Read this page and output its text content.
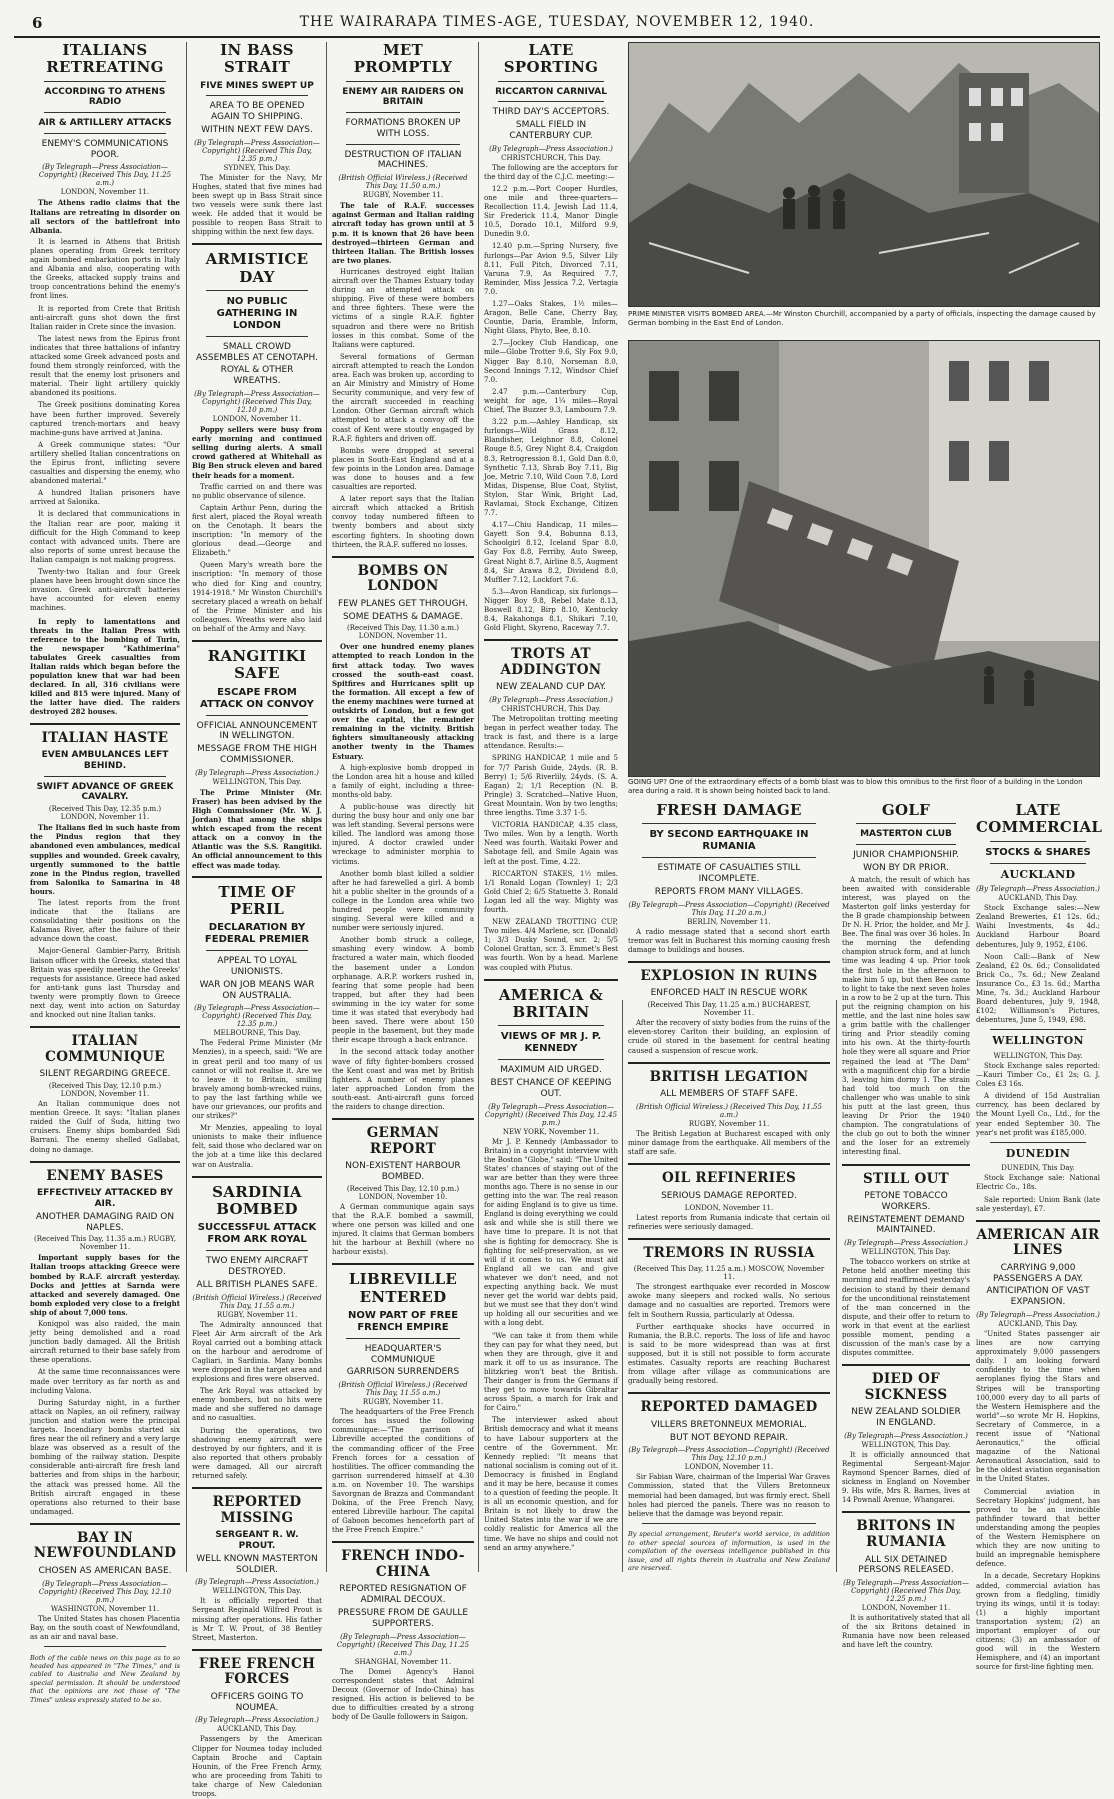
6	THE WAIRARAPA TIMES-AGE, TUESDAY, NOVEMBER 12, 1940.
ITALIANS RETREATING
ACCORDING TO ATHENS RADIO
AIR & ARTILLERY ATTACKS
ENEMY'S COMMUNICATIONS POOR.
(By Telegraph—Press Association—Copyright) (Received This Day, 11.25 a.m.)
LONDON, November 11.

The Athens radio claims that the Italians are retreating in disorder on all sectors of the battlefront into Albania.

It is learned in Athens that British planes operating from Greek territory again bombed embarkation ports in Italy and Albania and also, cooperating with the Greeks, attacked supply trains and troop concentrations behind the enemy's front lines.

It is reported from Crete that British anti-aircraft guns shot down the first Italian raider in Crete since the invasion.

The latest news from the Epirus front indicates that three battalions of infantry attacked some Greek advanced posts and found them strongly reinforced, with the result that the enemy lost prisoners and material. Their light artillery quickly abandoned its positions.

The Greek positions dominating Korea have been further improved. Severely captured trench-mortars and heavy machine-guns have arrived at Janina.

A Greek communique states: "Our artillery shelled Italian concentrations on the Epirus front, inflicting severe casualties and dispersing the enemy, who abandoned material."

A hundred Italian prisoners have arrived at Salonika.

It is declared that communications in the Italian rear are poor, making it difficult for the High Command to keep contact with advanced units. There are also reports of some unrest because the Italian campaign is not making progress.

Twenty-two Italian and four Greek planes have been brought down since the invasion. Greek anti-aircraft batteries have accounted for eleven enemy machines.

In reply to lamentations and threats in the Italian Press with reference to the bombing of Turin, the newspaper "Kathimerina" tabulates Greek casualties from Italian raids which began before the population knew that war had been declared. In all, 316 civilians were killed and 815 were injured. Many of the latter have died. The raiders destroyed 282 houses.

ITALIAN HASTE
EVEN AMBULANCES LEFT BEHIND.
SWIFT ADVANCE OF GREEK CAVALRY.
(Received This Day, 12.35 p.m.) LONDON, November 11.

The Italians fled in such haste from the Pindus region that they abandoned even ambulances, medical supplies and wounded. Greek cavalry, urgently summoned to the battle zone in the Pindus region, travelled from Salonika to Samarina in 48 hours.

The latest reports from the front indicate that the Italians are consolidating their positions on the Kalamas River, after the failure of their advance down the coast.

Major-General Gambier-Parry, British liaison officer with the Greeks, stated that Britain was speedily meeting the Greeks' requests for assistance. Greece had asked for anti-tank guns last Thursday and twenty were promptly flown to Greece next day, went into action on Saturday and knocked out nine Italian tanks.

ITALIAN COMMUNIQUE
SILENT REGARDING GREECE.
(Received This Day, 12.10 p.m.) LONDON, November 11.

An Italian communique does not mention Greece. It says: "Italian planes raided the Gulf of Suda, hitting two cruisers. Enemy ships bombarded Sidi Barrani. The enemy shelled Gallabat, doing no damage.

ENEMY BASES
EFFECTIVELY ATTACKED BY AIR.
ANOTHER DAMAGING RAID ON NAPLES.
(Received This Day, 11.35 a.m.) RUGBY, November 11.

Important supply bases for the Italian troops attacking Greece were bombed by R.A.F. aircraft yesterday. Docks and jetties at Sarnda were attacked and severely damaged. One bomb exploded very close to a freight ship of about 7,000 tons.

Koniqpol was also raided, the main jetty being demolished and a road junction badly damaged. All the British aircraft returned to their base safely from these operations.

At the same time reconnaissances were made over territory as far north as and including Valona.

During Saturday night, in a further attack on Naples, an oil refinery, railway junction and station were the principal targets. Incendiary bombs started six fires near the oil refinery and a very large blaze was observed as a result of the bombing of the railway station. Despite considerable anti-aircraft fire fresh land batteries and from ships in the harbour, the attack was pressed home. All the British aircraft engaged in these operations also returned to their base undamaged.

BAY IN NEWFOUNDLAND
CHOSEN AS AMERICAN BASE.
(By Telegraph—Press Association—Copyright) (Received This Day, 12.10 p.m.)
WASHINGTON, November 11.

The United States has chosen Placentia Bay, on the south coast of Newfoundland, as an air and naval base.

Both of the cable news on this page as to so headed has appeared in "The Times," and is cabled to Australia and New Zealand by special permission. It should be understood that the opinions are not those of "The Times" unless expressly stated to be so.

IN BASS STRAIT
FIVE MINES SWEPT UP
AREA TO BE OPENED AGAIN TO SHIPPING.
WITHIN NEXT FEW DAYS.
(By Telegraph—Press Association—Copyright) (Received This Day, 12.35 p.m.)
SYDNEY, This Day.

The Minister for the Navy, Mr Hughes, stated that five mines had been swept up in Bass Strait since two vessels were sunk there last week. He added that it would be possible to reopen Bass Strait to shipping within the next few days.

ARMISTICE DAY
NO PUBLIC GATHERING IN LONDON
SMALL CROWD ASSEMBLES AT CENOTAPH.
ROYAL & OTHER WREATHS.
(By Telegraph—Press Association—Copyright) (Received This Day, 12.10 p.m.)
LONDON, November 11.

Poppy sellers were busy from early morning and continued selling during alerts. A small crowd gathered at Whitehall as Big Ben struck eleven and bared their heads for a moment.

Traffic carried on and there was no public observance of silence.

Captain Arthur Penn, during the first alert, placed the Royal wreath on the Cenotaph. It bears the inscription: "In memory of the glorious dead.—George and Elizabeth."

Queen Mary's wreath bore the inscription: "In memory of those who died for King and country, 1914-1918." Mr Winston Churchill's secretary placed a wreath on behalf of the Prime Minister and his colleagues. Wreaths were also laid on behalf of the Army and Navy.

RANGITIKI SAFE
ESCAPE FROM ATTACK ON CONVOY
OFFICIAL ANNOUNCEMENT IN WELLINGTON.
MESSAGE FROM THE HIGH COMMISSIONER.
(By Telegraph—Press Association.)
WELLINGTON, This Day.

The Prime Minister (Mr. Fraser) has been advised by the High Commissioner (Mr. W. J. Jordan) that among the ships which escaped from the recent attack on a convoy in the Atlantic was the S.S. Rangitiki. An official announcement to this effect was made today.

TIME OF PERIL
DECLARATION BY FEDERAL PREMIER
APPEAL TO LOYAL UNIONISTS.
WAR ON JOB MEANS WAR ON AUSTRALIA.
(By Telegraph—Press Association—Copyright) (Received This Day, 12.35 p.m.)
MELBOURNE, This Day.

The Federal Prime Minister (Mr Menzies), in a speech, said: "We are in great peril and too many of us cannot or will not realise it. Are we to leave it to Britain, smiling bravely among bomb-wrecked ruins, to pay the last farthing while we have our grievances, our profits and our strikes?"

Mr Menzies, appealing to loyal unionists to make their influence felt, said those who declared war on the job at a time like this declared war on Australia.

SARDINIA BOMBED
SUCCESSFUL ATTACK FROM ARK ROYAL
TWO ENEMY AIRCRAFT DESTROYED.
ALL BRITISH PLANES SAFE.
(British Official Wireless.) (Received This Day, 11.55 a.m.)
RUGBY, November 11.

The Admiralty announced that Fleet Air Arm aircraft of the Ark Royal carried out a bombing attack on the harbour and aerodrome of Cagliari, in Sardinia. Many bombs were dropped in the target area and explosions and fires were observed.

The Ark Royal was attacked by enemy bombers, but no hits were made and she suffered no damage and no casualties.

During the operations, two shadowing enemy aircraft were destroyed by our fighters, and it is also reported that others probably were damaged. All our aircraft returned safely.

REPORTED MISSING
SERGEANT R. W. PROUT.
WELL KNOWN MASTERTON SOLDIER.
(By Telegraph—Press Association.)
WELLINGTON, This Day.

It is officially reported that Sergeant Reginald Wilfred Prout is missing after operations. His father is Mr T. W. Prout, of 38 Bentley Street, Masterton.

FREE FRENCH FORCES
OFFICERS GOING TO NOUMEA.
(By Telegraph—Press Association.)
AUCKLAND, This Day.

Passengers by the American Clipper for Noumea today included Captain Broche and Captain Hounin, of the Free French Army, who are proceeding from Tahiti to take charge of New Caledonian troops.

MET PROMPTLY
ENEMY AIR RAIDERS ON BRITAIN
FORMATIONS BROKEN UP WITH LOSS.
DESTRUCTION OF ITALIAN MACHINES.
(British Official Wireless.) (Received This Day, 11.50 a.m.)
RUGBY, November 11.

The tale of R.A.F. successes against German and Italian raiding aircraft today has grown until at 5 p.m. it is known that 26 have been destroyed—thirteen German and thirteen Italian. The British losses are two planes.

Hurricanes destroyed eight Italian aircraft over the Thames Estuary today during an attempted attack on shipping. Five of these were bombers and three fighters. These were the victims of a single R.A.F. fighter squadron and there were no British losses in this combat. Some of the Italians were captured.

Several formations of German aircraft attempted to reach the London area. Each was broken up, according to an Air Ministry and Ministry of Home Security communique, and very few of the aircraft succeeded in reaching London. Other German aircraft which attempted to attack a convoy off the coast of Kent were stoutly engaged by R.A.F. fighters and driven off.

Bombs were dropped at several places in South-East England and at a few points in the London area. Damage was done to houses and a few casualties are reported.

A later report says that the Italian aircraft which attacked a British convoy today numbered fifteen to twenty bombers and about sixty escorting fighters. In shooting down thirteen, the R.A.F. suffered no losses.

BOMBS ON LONDON
FEW PLANES GET THROUGH.
SOME DEATHS & DAMAGE.
(Received This Day, 11.30 a.m.) LONDON, November 11.

Over one hundred enemy planes attempted to reach London in the first attack today. Two waves crossed the south-east coast. Spitfires and Hurricanes split up the formation. All except a few of the enemy machines were turned at outskirts of London, but a few got over the capital, the remainder remaining in the vicinity. British fighters simultaneously attacking another twenty in the Thames Estuary.

A high-explosive bomb dropped in the London area hit a house and killed a family of eight, including a three-months-old baby.

A public-house was directly hit during the busy hour and only one bar was left standing. Several persons were killed. The landlord was among those injured. A doctor crawled under wreckage to administer morphia to victims.

Another bomb blast killed a soldier after he had farewelled a girl. A bomb hit a public shelter in the grounds of a college in the London area while two hundred people were community singing. Several were killed and a number were seriously injured.

Another bomb struck a college, smashing every window. A bomb fractured a water main, which flooded the basement under a London orphanage. A.R.P. workers rushed in, fearing that some people had been trapped, but after they had been swimming in the icy water for some time it was stated that everybody had been saved. There were about 150 people in the basement, but they made their escape through a back entrance.

In the second attack today another wave of fifty fighter-bombers crossed the Kent coast and was met by British fighters. A number of enemy planes later approached London from the south-east. Anti-aircraft guns forced the raiders to change direction.

GERMAN REPORT
NON-EXISTENT HARBOUR BOMBED.
(Received This Day, 12.10 p.m.) LONDON, November 10.

A German communique again says that the R.A.F. bombed a sawmill, where one person was killed and one injured. It claims that German bombers hit the harbour at Bexhill (where no harbour exists).

LIBREVILLE ENTERED
NOW PART OF FREE FRENCH EMPIRE
HEADQUARTER'S COMMUNIQUE
GARRISON SURRENDERS
(British Official Wireless.) (Received This Day, 11.55 a.m.)
RUGBY, November 11.

The headquarters of the Free French forces has issued the following communique:—"The garrison of Libreville accepted the conditions of the commanding officer of the Free French forces for a cessation of hostilities. The officer commanding the garrison surrendered himself at 4.30 a.m. on November 10. The warships Savorgnan de Brazza and Commandant Dokina, of the Free French Navy, entered Libreville harbour. The capital of Gaboon becomes henceforth part of the Free French Empire."

FRENCH INDO-CHINA
REPORTED RESIGNATION OF ADMIRAL DECOUX.
PRESSURE FROM DE GAULLE SUPPORTERS.
(By Telegraph—Press Association—Copyright) (Received This Day, 11.25 a.m.)
SHANGHAI, November 11.

The Domei Agency's Hanoi correspondent states that Admiral Decoux (Governor of Indo-China) has resigned. His action is believed to be due to difficulties created by a strong body of De Gaulle followers in Saigon.

LATE SPORTING
RICCARTON CARNIVAL
THIRD DAY'S ACCEPTORS.
SMALL FIELD IN CANTERBURY CUP.
(By Telegraph—Press Association.)
CHRISTCHURCH, This Day.

The following are the acceptors for the third day of the C.J.C. meeting:—

12.2 p.m.—Port Cooper Hurdles, one mile and three-quarters—Recollection 11.4, Jewish Lad 11.4, Sir Frederick 11.4, Manor Dingle 10.5, Dorado 10.1, Milford 9.9, Dunedin 9.0.

12.40 p.m.—Spring Nursery, five furlongs—Par Avion 9.5, Silver Lily 8.11, Full Pitch, Divorced 7.11, Varuna 7.9, As Required 7.7, Reminder, Miss Jessica 7.2, Vertagia 7.0.

1.27—Oaks Stakes, 1½ miles—Aragon, Belle Cane, Cherry Bay, Countie, Daria, Eramble, Inform, Night Glass, Phyto, Bee, 8.10.

2.7—Jockey Club Handicap, one mile—Globe Trotter 9.6, Sly Fox 9.0, Nigger Bay 8.10, Norseman 8.0, Second Innings 7.12, Windsor Chief 7.0.

2.47 p.m.—Canterbury Cup, weight for age, 1¼ miles—Royal Chief, The Buzzer 9.3, Lambourn 7.9.

3.22 p.m.—Ashley Handicap, six furlongs—Wild Grass 8.12, Blandisher, Leighnor 8.8, Colonel Rouge 8.5, Grey Night 8.4, Craigdon 8.3, Retrogression 8.1, Gold Dan 8.0, Synthetic 7.13, Shrab Boy 7.11, Big Joe, Metric 7.10, Wild Coon 7.8, Lord Midas, Dispense, Blue Coat, Stylist, Stylon, Star Wink, Bright Lad, Ravlamai, Stock Exchange, Citizen 7.7.

4.17—Chiu Handicap, 11 miles—Gayett Son 9.4, Bobunna 8.13, Schoolgirl 8.12, Iceland Spar 8.0, Gay Fox 8.8, Ferriby, Auto Sweep, Great Night 8.7, Airline 8.5, Augment 8.4, Sir Arawa 8.2, Dividend 8.0, Muffler 7.12, Lockfort 7.6.

5.3—Avon Handicap, six furlongs—Nigger Boy 9.8, Rebel Mate 8.13, Boswell 8.12, Birp 8.10, Kentucky 8.4, Rakahonga 8.1, Shikari 7.10, Gold Flight, Skyreno, Raceway 7.7.

TROTS AT ADDINGTON
NEW ZEALAND CUP DAY.
(By Telegraph—Press Association.)
CHRISTCHURCH, This Day.

The Metropolitan trotting meeting began in perfect weather today. The track is fast, and there is a large attendance. Results:—

SPRING HANDICAP, 1 mile and 5 for 7/7 Parish Guide, 24yds. (R. B. Berry) 1; 5/6 Riverlily, 24yds. (S. A. Eagan) 2; 1/1 Reception (N. B. Pringle) 3. Scratched—Native Huon, Great Mountain. Won by two lengths; three lengths. Time 3.37 1-5.

VICTORIA HANDICAP, 4.35 class, Two miles. Won by a length. Worth Need was fourth. Waitaki Power and Sabotage fell, and Smile Again was left at the post. Time, 4.22.

RICCARTON STAKES, 1½ miles. 1/1 Ronald Logan (Townley) 1; 2/3 Gold Chief 2; 6/5 Statuette 3. Ronald Logan led all the way. Mighty was fourth.

NEW ZEALAND TROTTING CUP, Two miles. 4/4 Marlene, scr. (Donald) 1; 3/3 Dusky Sound, scr. 2; 5/5 Colonel Grattan, scr. 3. Emmet's Best was fourth. Won by a head. Marlene was coupled with Plutus.

AMERICA & BRITAIN
VIEWS OF MR J. P. KENNEDY
MAXIMUM AID URGED.
BEST CHANCE OF KEEPING OUT.
(By Telegraph—Press Association—Copyright) (Received This Day, 12.45 p.m.)
NEW YORK, November 11.

Mr J. P. Kennedy (Ambassador to Britain) in a copyright interview with the Boston "Globe," said: "The United States' chances of staying out of the war are better than they were three months ago. There is no sense in our getting into the war. The real reason for aiding England is to give us time. England is doing everything we could ask and while she is still there we have time to prepare. It is not that she is fighting for democracy. She is fighting for self-preservation, as we will if it comes to us. We must aid England all we can and give whatever we don't need, and not expecting anything back. We must never get the world war debts paid, but we must see that they don't wind up holding all our securities and we with a long debt.

"We can take it from them while they can pay for what they need, but when they are through, give it and mark it off to us as insurance. The blitzkrieg won't beat the British. Their danger is from the Germans if they get to move towards Gibraltar across Spain, a march for Irak and for Cairo."

The interviewer asked about British democracy and what it means to have Labour supporters at the centre of the Government. Mr. Kennedy replied: "It means that national socialism is coming out of it. Democracy is finished in England and it may be here, because it comes to a question of feeding the people. It is all an economic question, and for Britain is not likely to draw the United States into the war if we are coldly realistic for America all the time. We have no ships and could not send an army anywhere."

PRIME MINISTER VISITS BOMBED AREA.—Mr Winston Churchill, accompanied by a party of officials, inspecting the damage caused by German bombing in the East End of London.
GOING UP? One of the extraordinary effects of a bomb blast was to blow this omnibus to the first floor of a building in the London area during a raid. It is shown being hoisted back to land.
FRESH DAMAGE
BY SECOND EARTHQUAKE IN RUMANIA
ESTIMATE OF CASUALTIES STILL INCOMPLETE.
REPORTS FROM MANY VILLAGES.
(By Telegraph—Press Association—Copyright) (Received This Day, 11.20 a.m.)
BERLIN, November 11.

A radio message stated that a second short earth tremor was felt in Bucharest this morning causing fresh damage to buildings and houses.

EXPLOSION IN RUINS
ENFORCED HALT IN RESCUE WORK
(Received This Day, 11.25 a.m.) BUCHAREST, November 11.

After the recovery of sixty bodies from the ruins of the eleven-storey Carlton their building, an explosion of crude oil stored in the basement for central heating caused a suspension of rescue work.

BRITISH LEGATION
ALL MEMBERS OF STAFF SAFE.
(British Official Wireless.) (Received This Day, 11.55 a.m.)
RUGBY, November 11.

The British Legation at Bucharest escaped with only minor damage from the earthquake. All members of the staff are safe.

OIL REFINERIES
SERIOUS DAMAGE REPORTED.
LONDON, November 11.

Latest reports from Rumania indicate that certain oil refineries were seriously damaged.

TREMORS IN RUSSIA
(Received This Day, 11.25 a.m.) MOSCOW, November 11.

The strongest earthquake ever recorded in Moscow awoke many sleepers and rocked walls. No serious damage and no casualties are reported. Tremors were felt in Southern Russia, particularly at Odessa.

Further earthquake shocks have occurred in Rumania, the B.B.C. reports. The loss of life and havoc is said to be more widespread than was at first supposed, but it is still not possible to form accurate estimates. Casualty reports are reaching Bucharest from village after village as communications are gradually being restored.

REPORTED DAMAGED
VILLERS BRETONNEUX MEMORIAL.
BUT NOT BEYOND REPAIR.
(By Telegraph—Press Association—Copyright) (Received This Day, 12.10 p.m.)
LONDON, November 11.

Sir Fabian Ware, chairman of the Imperial War Graves Commission, stated that the Villers Bretonneux memorial had been damaged, but was firmly erect. Shell holes had pierced the panels. There was no reason to believe that the damage was beyond repair.

By special arrangement, Reuter's world service, in addition to other special sources of information, is used in the compilation of the overseas intelligence published in this issue, and all rights therein in Australia and New Zealand are reserved.

GOLF
MASTERTON CLUB
JUNIOR CHAMPIONSHIP.
WON BY DR PRIOR.

A match, the result of which has been awaited with considerable interest, was played on the Masterton golf links yesterday for the B grade championship between Dr N. H. Prior, the holder, and Mr J. Bee. The final was over 36 holes. In the morning the defending champion struck form, and at lunch time was leading 4 up. Prior took the first hole in the afternoon to make him 5 up, but then Bee came to light to take the next seven holes in a row to be 2 up at the turn. This put the reigning champion on his mettle, and the last nine holes saw a grim battle with the challenger tiring and Prior steadily coming into his own. At the thirty-fourth hole they were all square and Prior regained the lead at "The Dam" with a magnificent chip for a birdie 3, leaving him dormy 1. The strain had told too much on the challenger who was unable to sink his putt at the last green, thus leaving Dr Prior the 1940 champion. The congratulations of the club go out to both the winner and the loser for an extremely interesting final.

STILL OUT
PETONE TOBACCO WORKERS.
REINSTATEMENT DEMAND MAINTAINED.
(By Telegraph—Press Association.)
WELLINGTON, This Day.

The tobacco workers on strike at Petone held another meeting this morning and reaffirmed yesterday's decision to stand by their demand for the unconditional reinstatement of the man concerned in the dispute, and their offer to return to work in that event at the earliest possible moment, pending a discussion of the man's case by a disputes committee.

DIED OF SICKNESS
NEW ZEALAND SOLDIER IN ENGLAND.
(By Telegraph—Press Association.)
WELLINGTON, This Day.

It is officially announced that Regimental Sergeant-Major Raymond Spencer Barnes, died of sickness in England on November 9. His wife, Mrs R. Barnes, lives at 14 Pownall Avenue, Whangarei.

BRITONS IN RUMANIA
ALL SIX DETAINED PERSONS RELEASED.
(By Telegraph—Press Association—Copyright) (Received This Day, 12.25 p.m.)
LONDON, November 11.

It is authoritatively stated that all of the six Britons detained in Rumania have now been released and have left the country.

LATE COMMERCIAL
STOCKS & SHARES
AUCKLAND
(By Telegraph—Press Association.)
AUCKLAND, This Day.

Stock Exchange sales:—New Zealand Breweries, £1 12s. 6d.; Waihi Investments, 4s 4d.; Auckland Harbour Board debentures, July 9, 1952, £106.

Noon Call:—Bank of New Zealand, £2 0s. 6d.; Consolidated Brick Co., 7s. 6d.; New Zealand Insurance Co., £3 1s. 6d.; Martha Mine, 7s. 3d.; Auckland Harbour Board debentures, July 9, 1948, £102; Williamson's Pictures, debentures, June 5, 1949, £98.

WELLINGTON
WELLINGTON, This Day.

Stock Exchange sales reported:—Kauri Timber Co., £1 2s; G. J. Coles £3 16s.

A dividend of 15d Australian currency, has been declared by the Mount Lyell Co., Ltd., for the year ended September 30. The year's net profit was £185,000.

DUNEDIN
DUNEDIN, This Day.

Stock Exchange sale: National Electric Co., 18s.

Sale reported: Union Bank (late sale yesterday), £7.

AMERICAN AIR LINES
CARRYING 9,000 PASSENGERS A DAY.
ANTICIPATION OF VAST EXPANSION.
(By Telegraph—Press Association.)
AUCKLAND, This Day.

"United States passenger air lines are now carrying approximately 9,000 passengers daily. I am looking forward confidently to the time when aeroplanes flying the Stars and Stripes will be transporting 100,000 every day to all parts of the Western Hemisphere and the world"—so wrote Mr H. Hopkins, Secretary of Commerce, in a recent issue of "National Aeronautics," the official magazine of the National Aeronautical Association, said to be the oldest aviation organisation in the United States.

Commercial aviation in Secretary Hopkins' judgment, has proved to be an invincible pathfinder toward that better understanding among the peoples of the Western Hemisphere on which they are now uniting to build an impregnable hemisphere defence.

In a decade, Secretary Hopkins added, commercial aviation has grown from a fledgling, timidly trying its wings, until it is today: (1) a highly important transportation system; (2) an important employer of our citizens; (3) an ambassador of good will in the Western Hemisphere, and (4) an important source for first-line fighting men.
